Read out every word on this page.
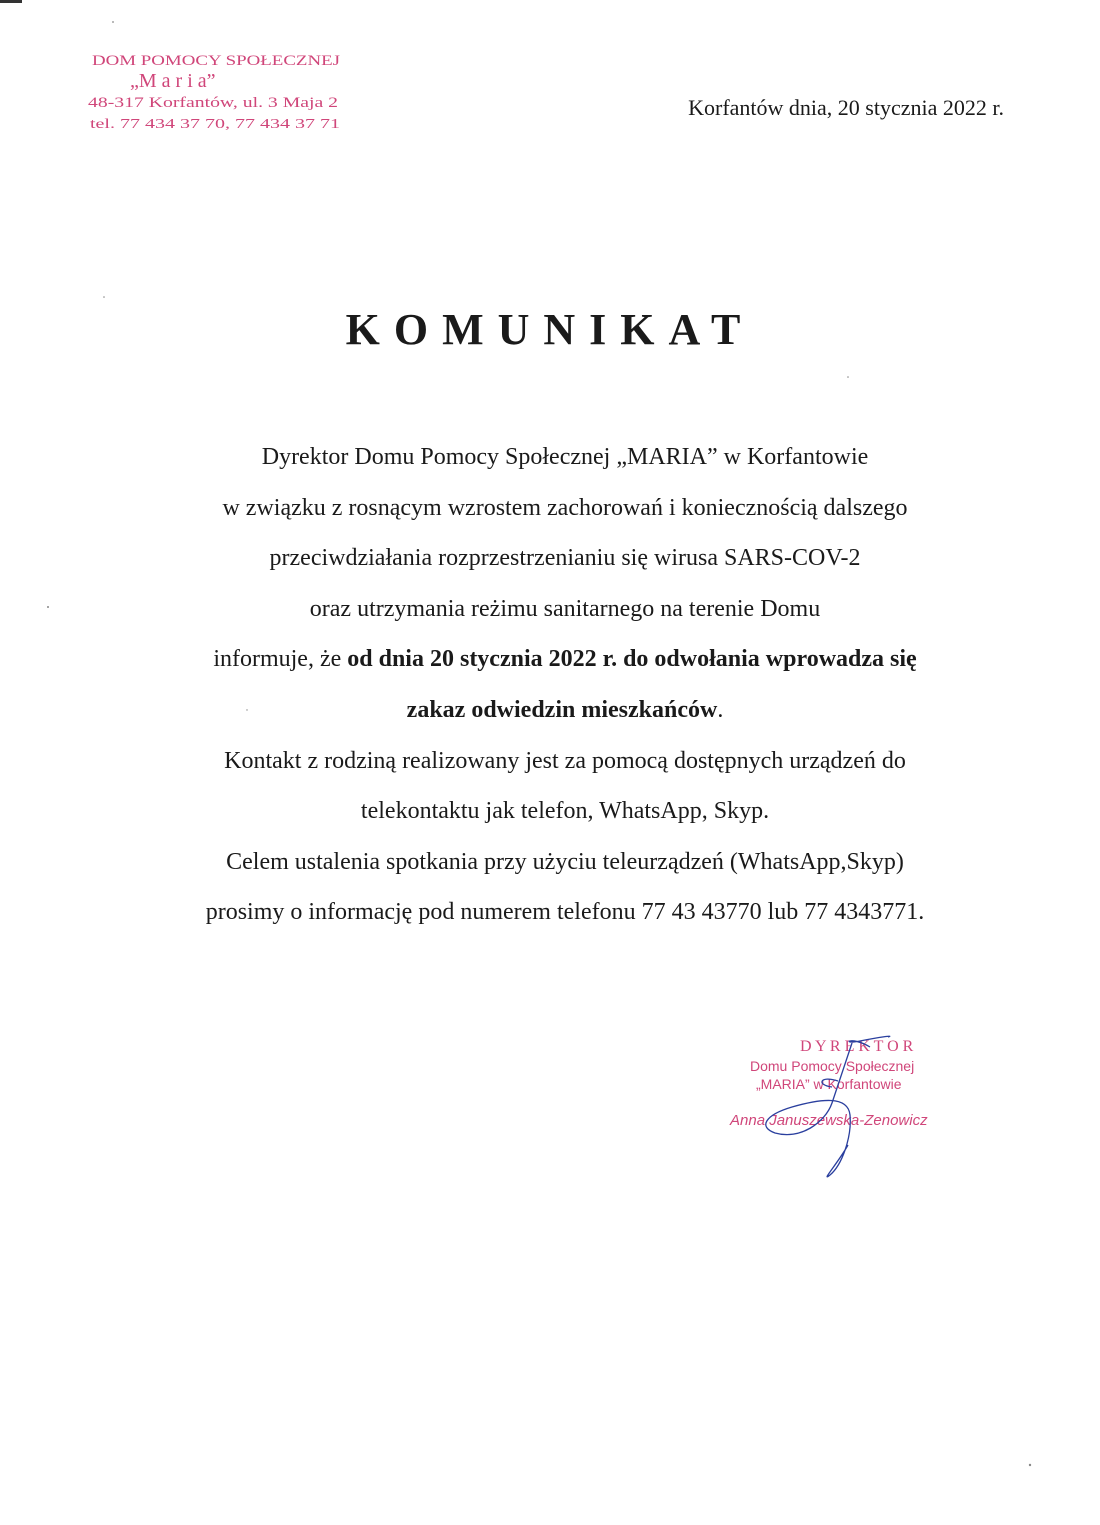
DOM POMOCY SPOŁECZNEJ
„M a r i a”
48-317 Korfantów, ul. 3 Maja 2
tel. 77 434 37 70, 77 434 37 71
Korfantów dnia, 20 stycznia 2022 r.
KOMUNIKAT
Dyrektor Domu Pomocy Społecznej „MARIA” w Korfantowie
w związku z rosnącym wzrostem zachorowań i koniecznością dalszego
przeciwdziałania rozprzestrzenianiu się wirusa SARS-COV-2
oraz utrzymania reżimu sanitarnego na terenie Domu
informuje, że od dnia 20 stycznia 2022 r. do odwołania wprowadza się
zakaz odwiedzin mieszkańców.
Kontakt z rodziną realizowany jest za pomocą dostępnych urządzeń do
telekontaktu jak telefon, WhatsApp, Skyp.
Celem ustalenia spotkania przy użyciu teleurządzeń (WhatsApp,Skyp)
prosimy o informację pod numerem telefonu 77 43 43770 lub 77 4343771.
D Y R E K T O R
Domu Pomocy Społecznej
„MARIA” w Korfantowie
Anna Januszewska-Zenowicz
